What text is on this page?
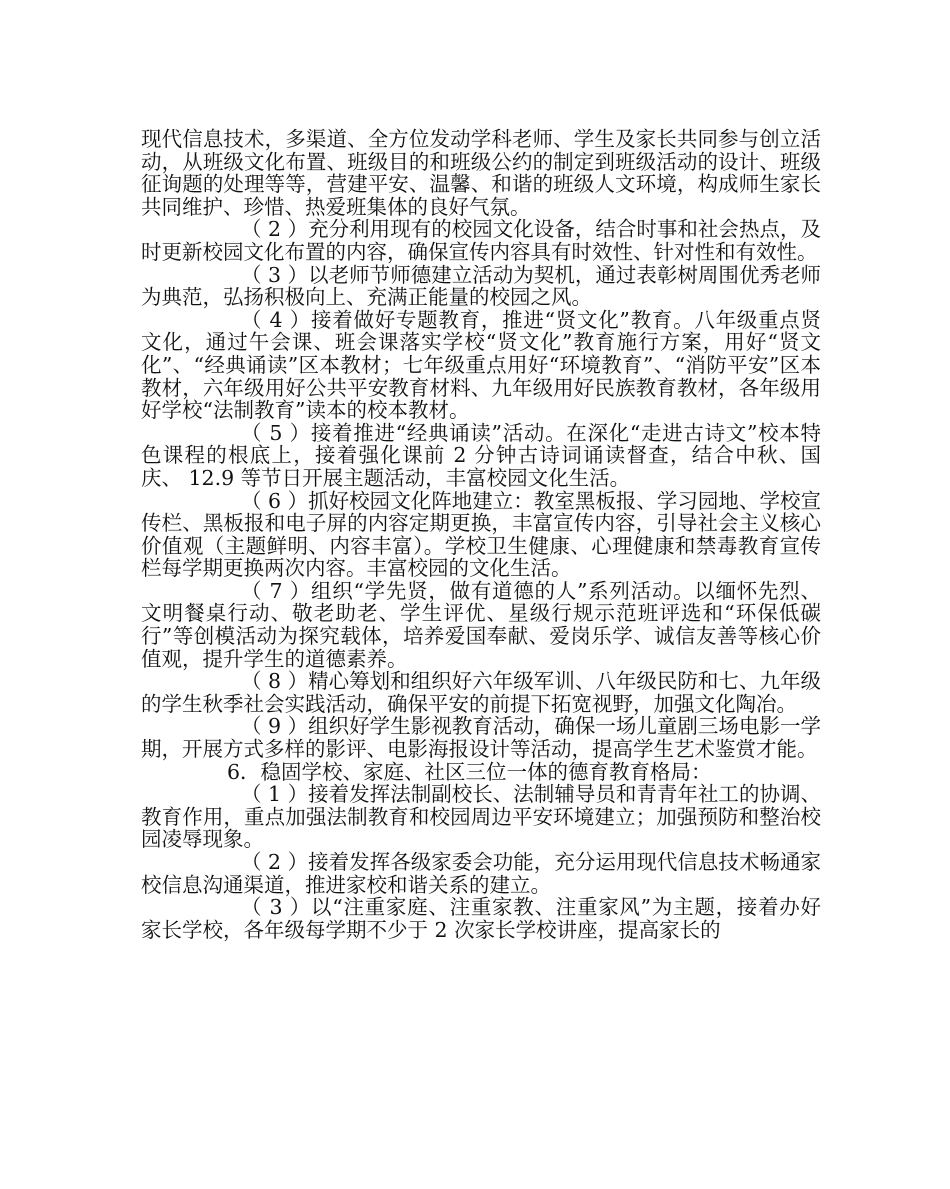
现代信息技术，多渠道、全方位发动学科老师、学生及家长共同参与创立活动，从班级文化布置、班级目的和班级公约的制定到班级活动的设计、班级征询题的处理等等，营建平安、温馨、和谐的班级人文环境，构成师生家长共同维护、珍惜、热爱班集体的良好气氛。

（ 2 ）充分利用现有的校园文化设备，结合时事和社会热点，及时更新校园文化布置的内容，确保宣传内容具有时效性、针对性和有效性。

（ 3 ）以老师节师德建立活动为契机，通过表彰树周围优秀老师为典范，弘扬积极向上、充满正能量的校园之风。

（ 4 ）接着做好专题教育，推进“贤文化”教育。八年级重点贤文化，通过午会课、班会课落实学校“贤文化”教育施行方案，用好“贤文化”、“经典诵读”区本教材；七年级重点用好“环境教育”、“消防平安”区本教材，六年级用好公共平安教育材料、九年级用好民族教育教材，各年级用好学校“法制教育”读本的校本教材。

（ 5 ）接着推进“经典诵读”活动。在深化“走进古诗文”校本特色课程的根底上，接着强化课前 2 分钟古诗词诵读督查，结合中秋、国庆、 12.9 等节日开展主题活动，丰富校园文化生活。

（ 6 ）抓好校园文化阵地建立：教室黑板报、学习园地、学校宣传栏、黑板报和电子屏的内容定期更换，丰富宣传内容，引导社会主义核心价值观（主题鲜明、内容丰富）。学校卫生健康、心理健康和禁毒教育宣传栏每学期更换两次内容。丰富校园的文化生活。

（ 7 ）组织“学先贤，做有道德的人”系列活动。以缅怀先烈、文明餐桌行动、敬老助老、学生评优、星级行规示范班评选和“环保低碳行”等创模活动为探究载体，培养爱国奉献、爱岗乐学、诚信友善等核心价值观，提升学生的道德素养。

（ 8 ）精心筹划和组织好六年级军训、八年级民防和七、九年级的学生秋季社会实践活动，确保平安的前提下拓宽视野，加强文化陶冶。

（ 9 ）组织好学生影视教育活动，确保一场儿童剧三场电影一学期，开展方式多样的影评、电影海报设计等活动，提高学生艺术鉴赏才能。

6．稳固学校、家庭、社区三位一体的德育教育格局：

（ 1 ）接着发挥法制副校长、法制辅导员和青青年社工的协调、教育作用，重点加强法制教育和校园周边平安环境建立；加强预防和整治校园凌辱现象。

（ 2 ）接着发挥各级家委会功能，充分运用现代信息技术畅通家校信息沟通渠道，推进家校和谐关系的建立。

（ 3 ）以“注重家庭、注重家教、注重家风”为主题，接着办好家长学校，各年级每学期不少于 2 次家长学校讲座，提高家长的
